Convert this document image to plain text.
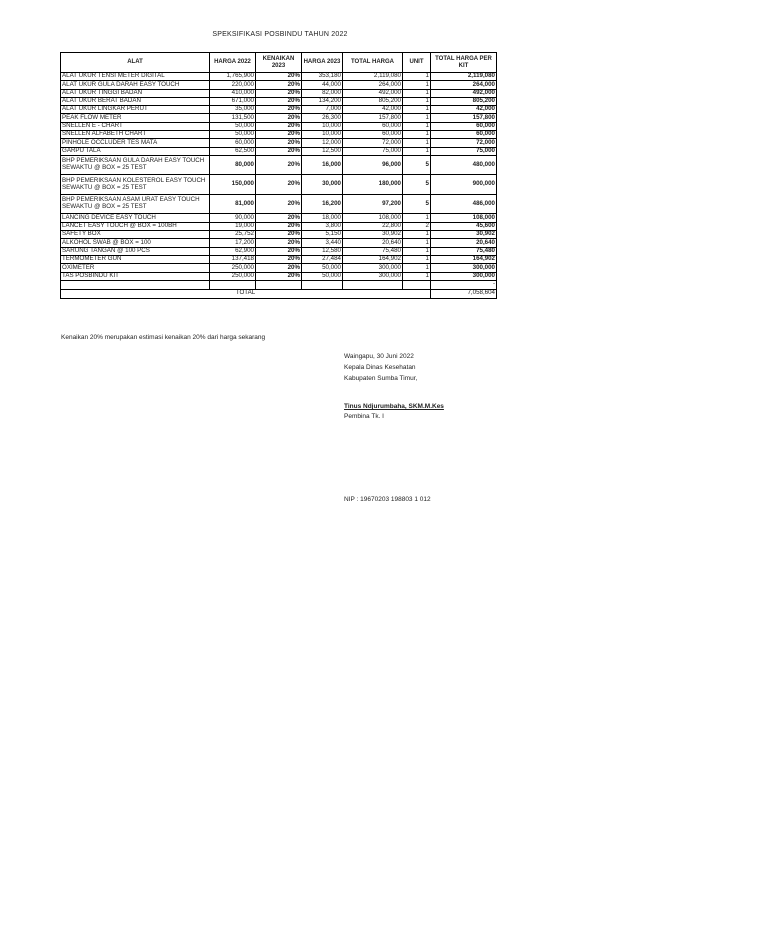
SPEKSIFIKASI POSBINDU TAHUN 2022
ALAT	HARGA 2022	KENAIKAN 2023	HARGA 2023	TOTAL HARGA	UNIT	TOTAL HARGA PER KIT
ALAT UKUR TENSI METER DIGITAL	1,765,900	20%	353,180	2,119,080	1	2,119,080
ALAT UKUR GULA DARAH EASY TOUCH	220,000	20%	44,000	264,000	1	264,000
ALAT UKUR TINGGI BADAN	410,000	20%	82,000	492,000	1	492,000
ALAT UKUR BERAT BADAN	671,000	20%	134,200	805,200	1	805,200
ALAT UKUR LINGKAR PERUT	35,000	20%	7,000	42,000	1	42,000
PEAK FLOW METER	131,500	20%	26,300	157,800	1	157,800
SNELLEN E - CHART	50,000	20%	10,000	60,000	1	60,000
SNELLEN ALFABETH CHART	50,000	20%	10,000	60,000	1	60,000
PINHOLE OCCLUDER TES MATA	60,000	20%	12,000	72,000	1	72,000
GARPU TALA	62,500	20%	12,500	75,000	1	75,000
BHP PEMERIKSAAN GULA DARAH EASY TOUCH SEWAKTU @ BOX = 25 TEST	80,000	20%	16,000	96,000	5	480,000
BHP PEMERIKSAAN KOLESTEROL EASY TOUCH SEWAKTU @ BOX = 25 TEST	150,000	20%	30,000	180,000	5	900,000
BHP PEMERIKSAAN ASAM URAT EASY TOUCH SEWAKTU @ BOX = 25 TEST	81,000	20%	16,200	97,200	5	486,000
LANCING DEVICE EASY TOUCH	90,000	20%	18,000	108,000	1	108,000
LANCET EASY TOUCH @ BOX = 100BH	19,000	20%	3,800	22,800	2	45,600
SAFETY BOX	25,752	20%	5,150	30,902	1	30,902
ALKOHOL SWAB @ BOX = 100	17,200	20%	3,440	20,640	1	20,640
SARUNG TANGAN @ 100 PCS	62,900	20%	12,580	75,480	1	75,480
TERMOMETER GUN	137,418	20%	27,484	164,902	1	164,902
OXIMETER	250,000	20%	50,000	300,000	1	300,000
TAS POSBINDU KIT	250,000	20%	50,000	300,000	1	300,000
						-
TOTAL						7,058,604
Kenaikan 20% merupakan estimasi kenaikan 20% dari harga sekarang
Waingapu, 30 Juni 2022
Kepala Dinas Kesehatan
Kabupaten Sumba Timur,
Tinus Ndjurumbaha, SKM.M.Kes
Pembina Tk. I
NIP : 19670203 198803 1 012
